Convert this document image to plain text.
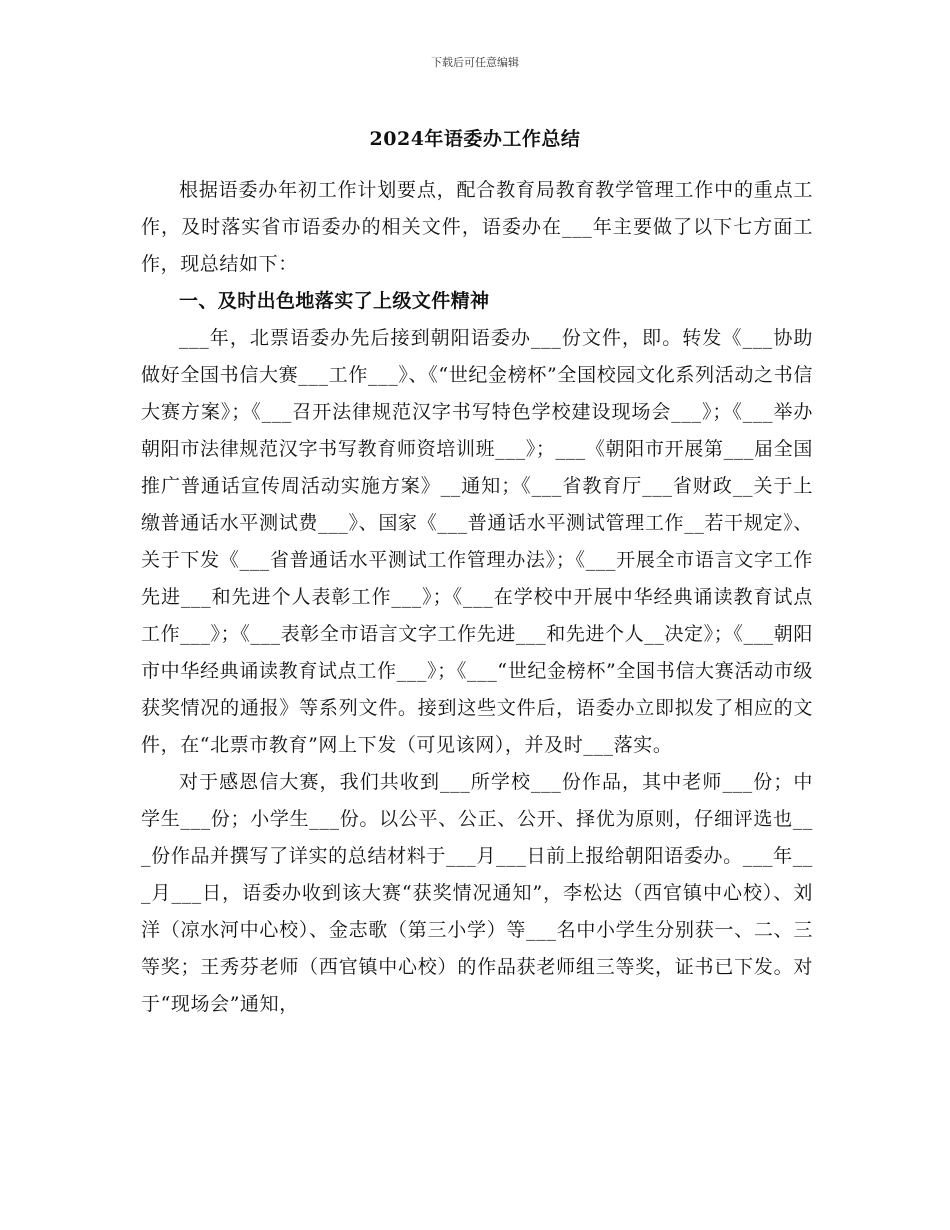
下载后可任意编辑
2024年语委办工作总结

根据语委办年初工作计划要点，配合教育局教育教学管理工作中的重点工作，及时落实省市语委办的相关文件，语委办在___年主要做了以下七方面工作，现总结如下：

一、及时出色地落实了上级文件精神

___年，北票语委办先后接到朝阳语委办___份文件，即。转发《___协助做好全国书信大赛___工作___》、《“世纪金榜杯”全国校园文化系列活动之书信大赛方案》；《___召开法律规范汉字书写特色学校建设现场会___》；《___举办朝阳市法律规范汉字书写教育师资培训班___》；___《朝阳市开展第___届全国推广普通话宣传周活动实施方案》__通知；《___省教育厅___省财政__关于上缴普通话水平测试费___》、国家《___普通话水平测试管理工作__若干规定》、关于下发《___省普通话水平测试工作管理办法》；《___开展全市语言文字工作先进___和先进个人表彰工作___》；《___在学校中开展中华经典诵读教育试点工作___》；《___表彰全市语言文字工作先进___和先进个人__决定》；《___朝阳市中华经典诵读教育试点工作___》；《___“世纪金榜杯”全国书信大赛活动市级获奖情况的通报》等系列文件。接到这些文件后，语委办立即拟发了相应的文件，在“北票市教育”网上下发（可见该网），并及时___落实。

对于感恩信大赛，我们共收到___所学校___份作品，其中老师___份；中学生___份；小学生___份。以公平、公正、公开、择优为原则，仔细评选也___份作品并撰写了详实的总结材料于___月___日前上报给朝阳语委办。___年___月___日，语委办收到该大赛“获奖情况通知”，李松达（西官镇中心校）、刘洋（凉水河中心校）、金志歌（第三小学）等___名中小学生分别获一、二、三等奖；王秀芬老师（西官镇中心校）的作品获老师组三等奖，证书已下发。对于“现场会”通知，
